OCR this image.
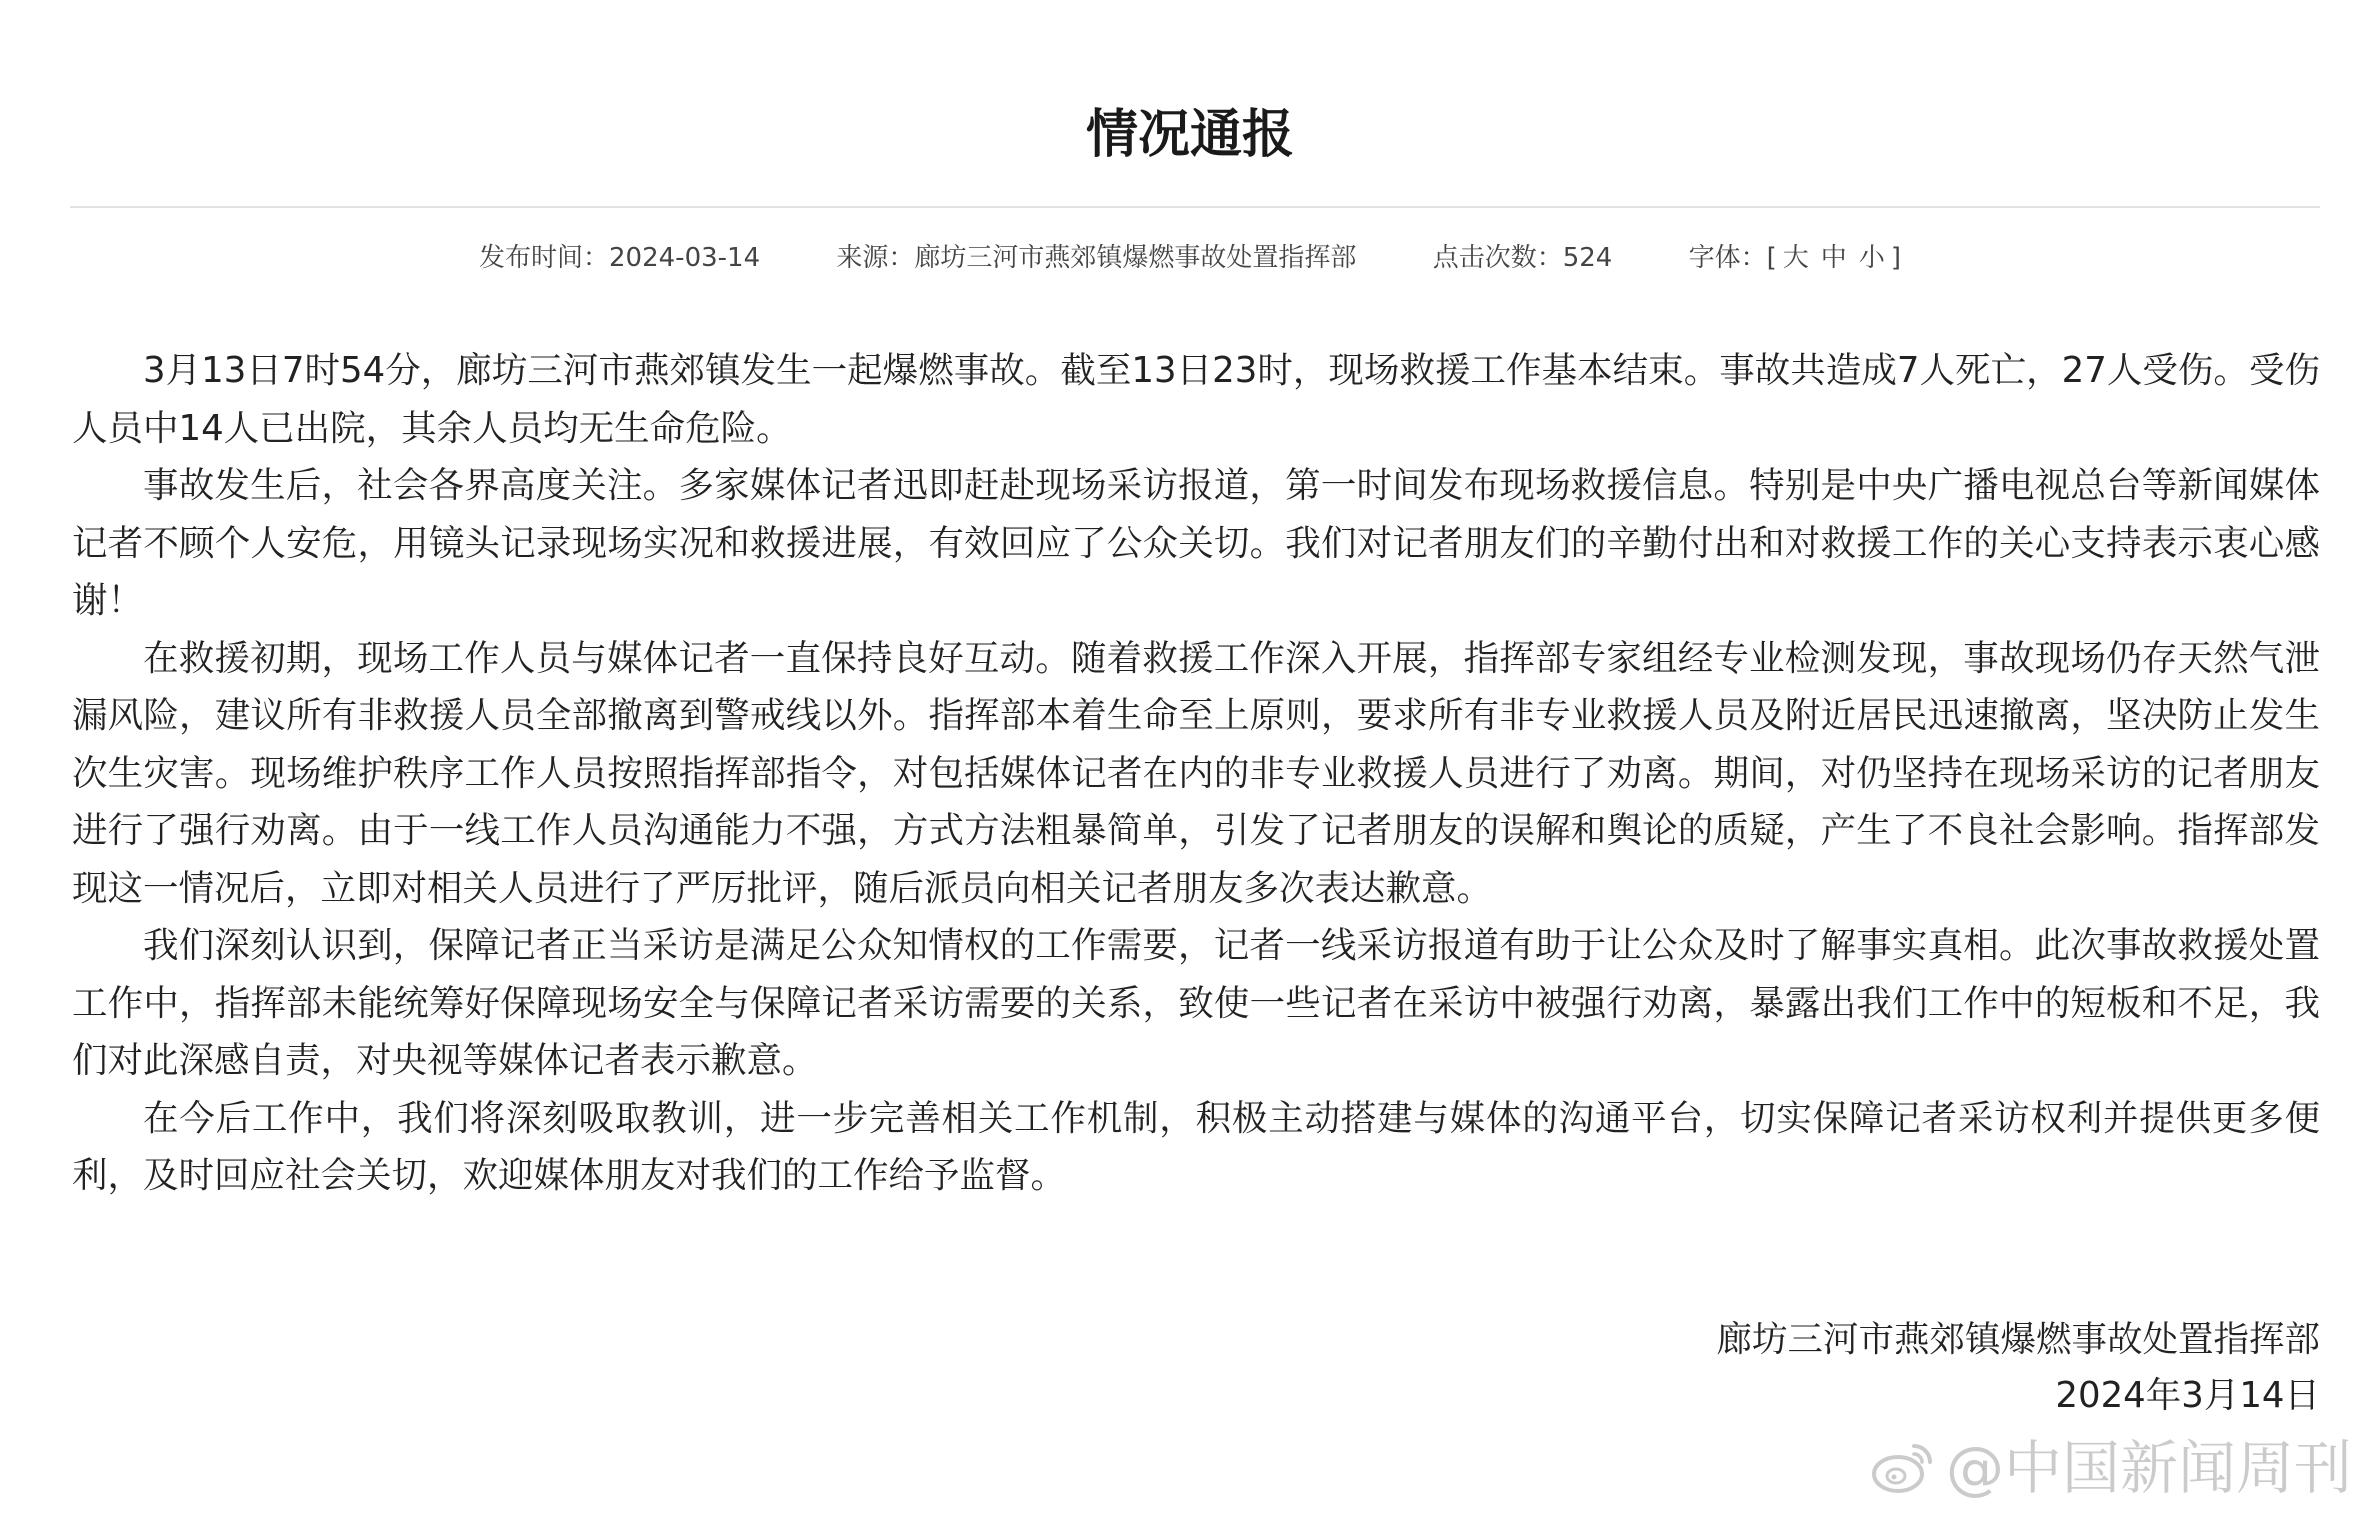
情况通报
发布时间：2024-03-14	来源：廊坊三河市燕郊镇爆燃事故处置指挥部	点击次数：524	字体：[ 大 中 小 ]

3月13日7时54分，廊坊三河市燕郊镇发生一起爆燃事故。截至13日23时，现场救援工作基本结束。事故共造成7人死亡，27人受伤。受伤人员中14人已出院，其余人员均无生命危险。

事故发生后，社会各界高度关注。多家媒体记者迅即赶赴现场采访报道，第一时间发布现场救援信息。特别是中央广播电视总台等新闻媒体记者不顾个人安危，用镜头记录现场实况和救援进展，有效回应了公众关切。我们对记者朋友们的辛勤付出和对救援工作的关心支持表示衷心感谢！

在救援初期，现场工作人员与媒体记者一直保持良好互动。随着救援工作深入开展，指挥部专家组经专业检测发现，事故现场仍存天然气泄漏风险，建议所有非救援人员全部撤离到警戒线以外。指挥部本着生命至上原则，要求所有非专业救援人员及附近居民迅速撤离，坚决防止发生次生灾害。现场维护秩序工作人员按照指挥部指令，对包括媒体记者在内的非专业救援人员进行了劝离。期间，对仍坚持在现场采访的记者朋友进行了强行劝离。由于一线工作人员沟通能力不强，方式方法粗暴简单，引发了记者朋友的误解和舆论的质疑，产生了不良社会影响。指挥部发现这一情况后，立即对相关人员进行了严厉批评，随后派员向相关记者朋友多次表达歉意。

我们深刻认识到，保障记者正当采访是满足公众知情权的工作需要，记者一线采访报道有助于让公众及时了解事实真相。此次事故救援处置工作中，指挥部未能统筹好保障现场安全与保障记者采访需要的关系，致使一些记者在采访中被强行劝离，暴露出我们工作中的短板和不足，我们对此深感自责，对央视等媒体记者表示歉意。

在今后工作中，我们将深刻吸取教训，进一步完善相关工作机制，积极主动搭建与媒体的沟通平台，切实保障记者采访权利并提供更多便利，及时回应社会关切，欢迎媒体朋友对我们的工作给予监督。

廊坊三河市燕郊镇爆燃事故处置指挥部
2024年3月14日
@中国新闻周刊
